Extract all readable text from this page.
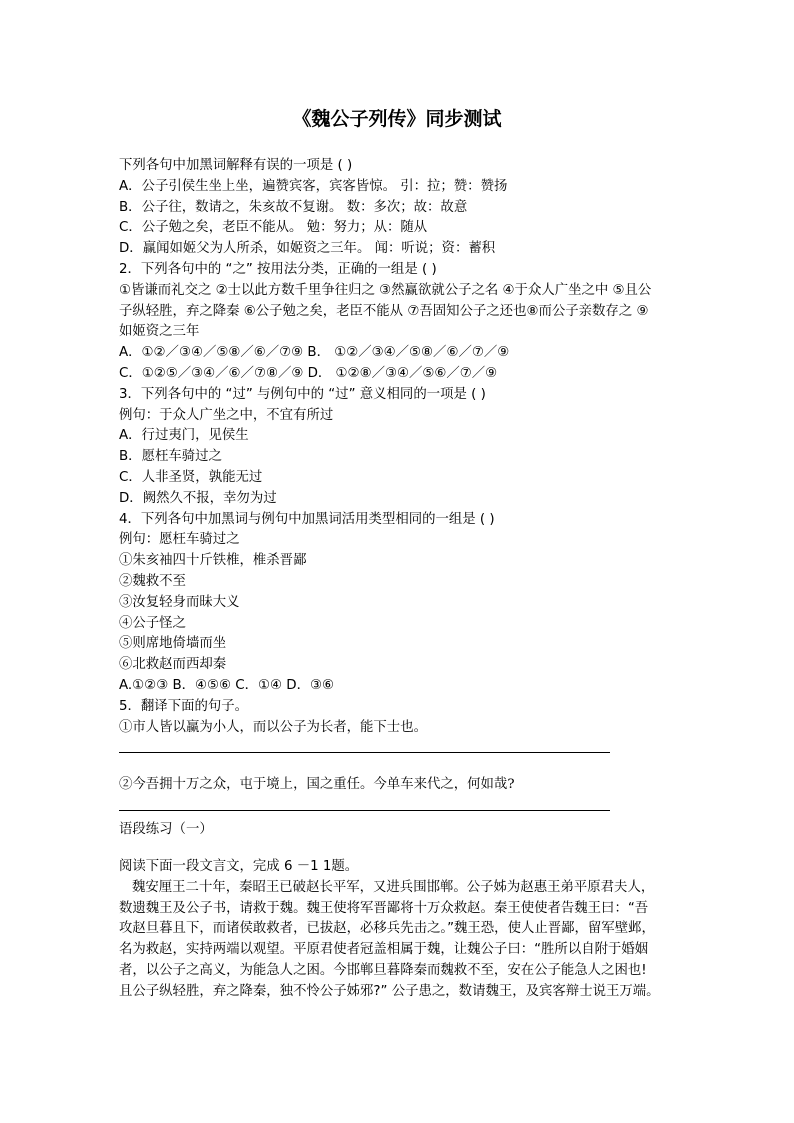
《魏公子列传》同步测试
下列各句中加黑词解释有误的一项是 ( )
A．公子引侯生坐上坐，遍赞宾客，宾客皆惊。 引：拉；赞：赞扬
B．公子往，数请之，朱亥故不复谢。 数：多次；故：故意
C．公子勉之矣，老臣不能从。 勉：努力；从：随从
D．赢闻如姬父为人所杀，如姬资之三年。 闻：听说；资：蓄积
2．下列各句中的 “之” 按用法分类，正确的一组是 ( )
①皆谦而礼交之 ②士以此方数千里争往归之 ③然赢欲就公子之名 ④于众人广坐之中 ⑤且公
子纵轻胜，弃之降秦 ⑥公子勉之矣，老臣不能从 ⑦吾固知公子之还也⑧而公子亲数存之 ⑨
如姬资之三年
A．①②／③④／⑤⑧／⑥／⑦⑨ B． ①②／③④／⑤⑧／⑥／⑦／⑨
C．①②⑤／③④／⑥／⑦⑧／⑨ D． ①②⑧／③④／⑤⑥／⑦／⑨
3．下列各句中的 “过” 与例句中的 “过” 意义相同的一项是 ( )
例句：于众人广坐之中，不宜有所过
A．行过夷门，见侯生
B．愿枉车骑过之
C．人非圣贤，孰能无过
D．阙然久不报，幸勿为过
4．下列各句中加黑词与例句中加黑词活用类型相同的一组是 ( )
例句：愿枉车骑过之
①朱亥袖四十斤铁椎，椎杀晋鄙
②魏救不至
③汝复轻身而昧大义
④公子怪之
⑤则席地倚墙而坐
⑥北救赵而西却秦
A.①②③ B．④⑤⑥ C．①④ D．③⑥
5．翻译下面的句子。
①市人皆以赢为小人，而以公子为长者，能下士也。
②今吾拥十万之众，屯于境上，国之重任。今单车来代之，何如哉?
语段练习（一）
阅读下面一段文言文，完成 6 －1 1题。
魏安厘王二十年，秦昭王已破赵长平军，又进兵围邯郸。公子姊为赵惠王弟平原君夫人，
数遗魏王及公子书，请救于魏。魏王使将军晋鄙将十万众救赵。秦王使使者告魏王曰：“吾
攻赵旦暮且下，而诸侯敢救者，已拔赵，必移兵先击之。”魏王恐，使人止晋鄙，留军壁邺，
名为救赵，实持两端以观望。平原君使者冠盖相属于魏，让魏公子曰：“胜所以自附于婚姻
者，以公子之高义，为能急人之困。今邯郸旦暮降秦而魏救不至，安在公子能急人之困也!
且公子纵轻胜，弃之降秦，独不怜公子姊邪?” 公子患之，数请魏王，及宾客辩士说王万端。
